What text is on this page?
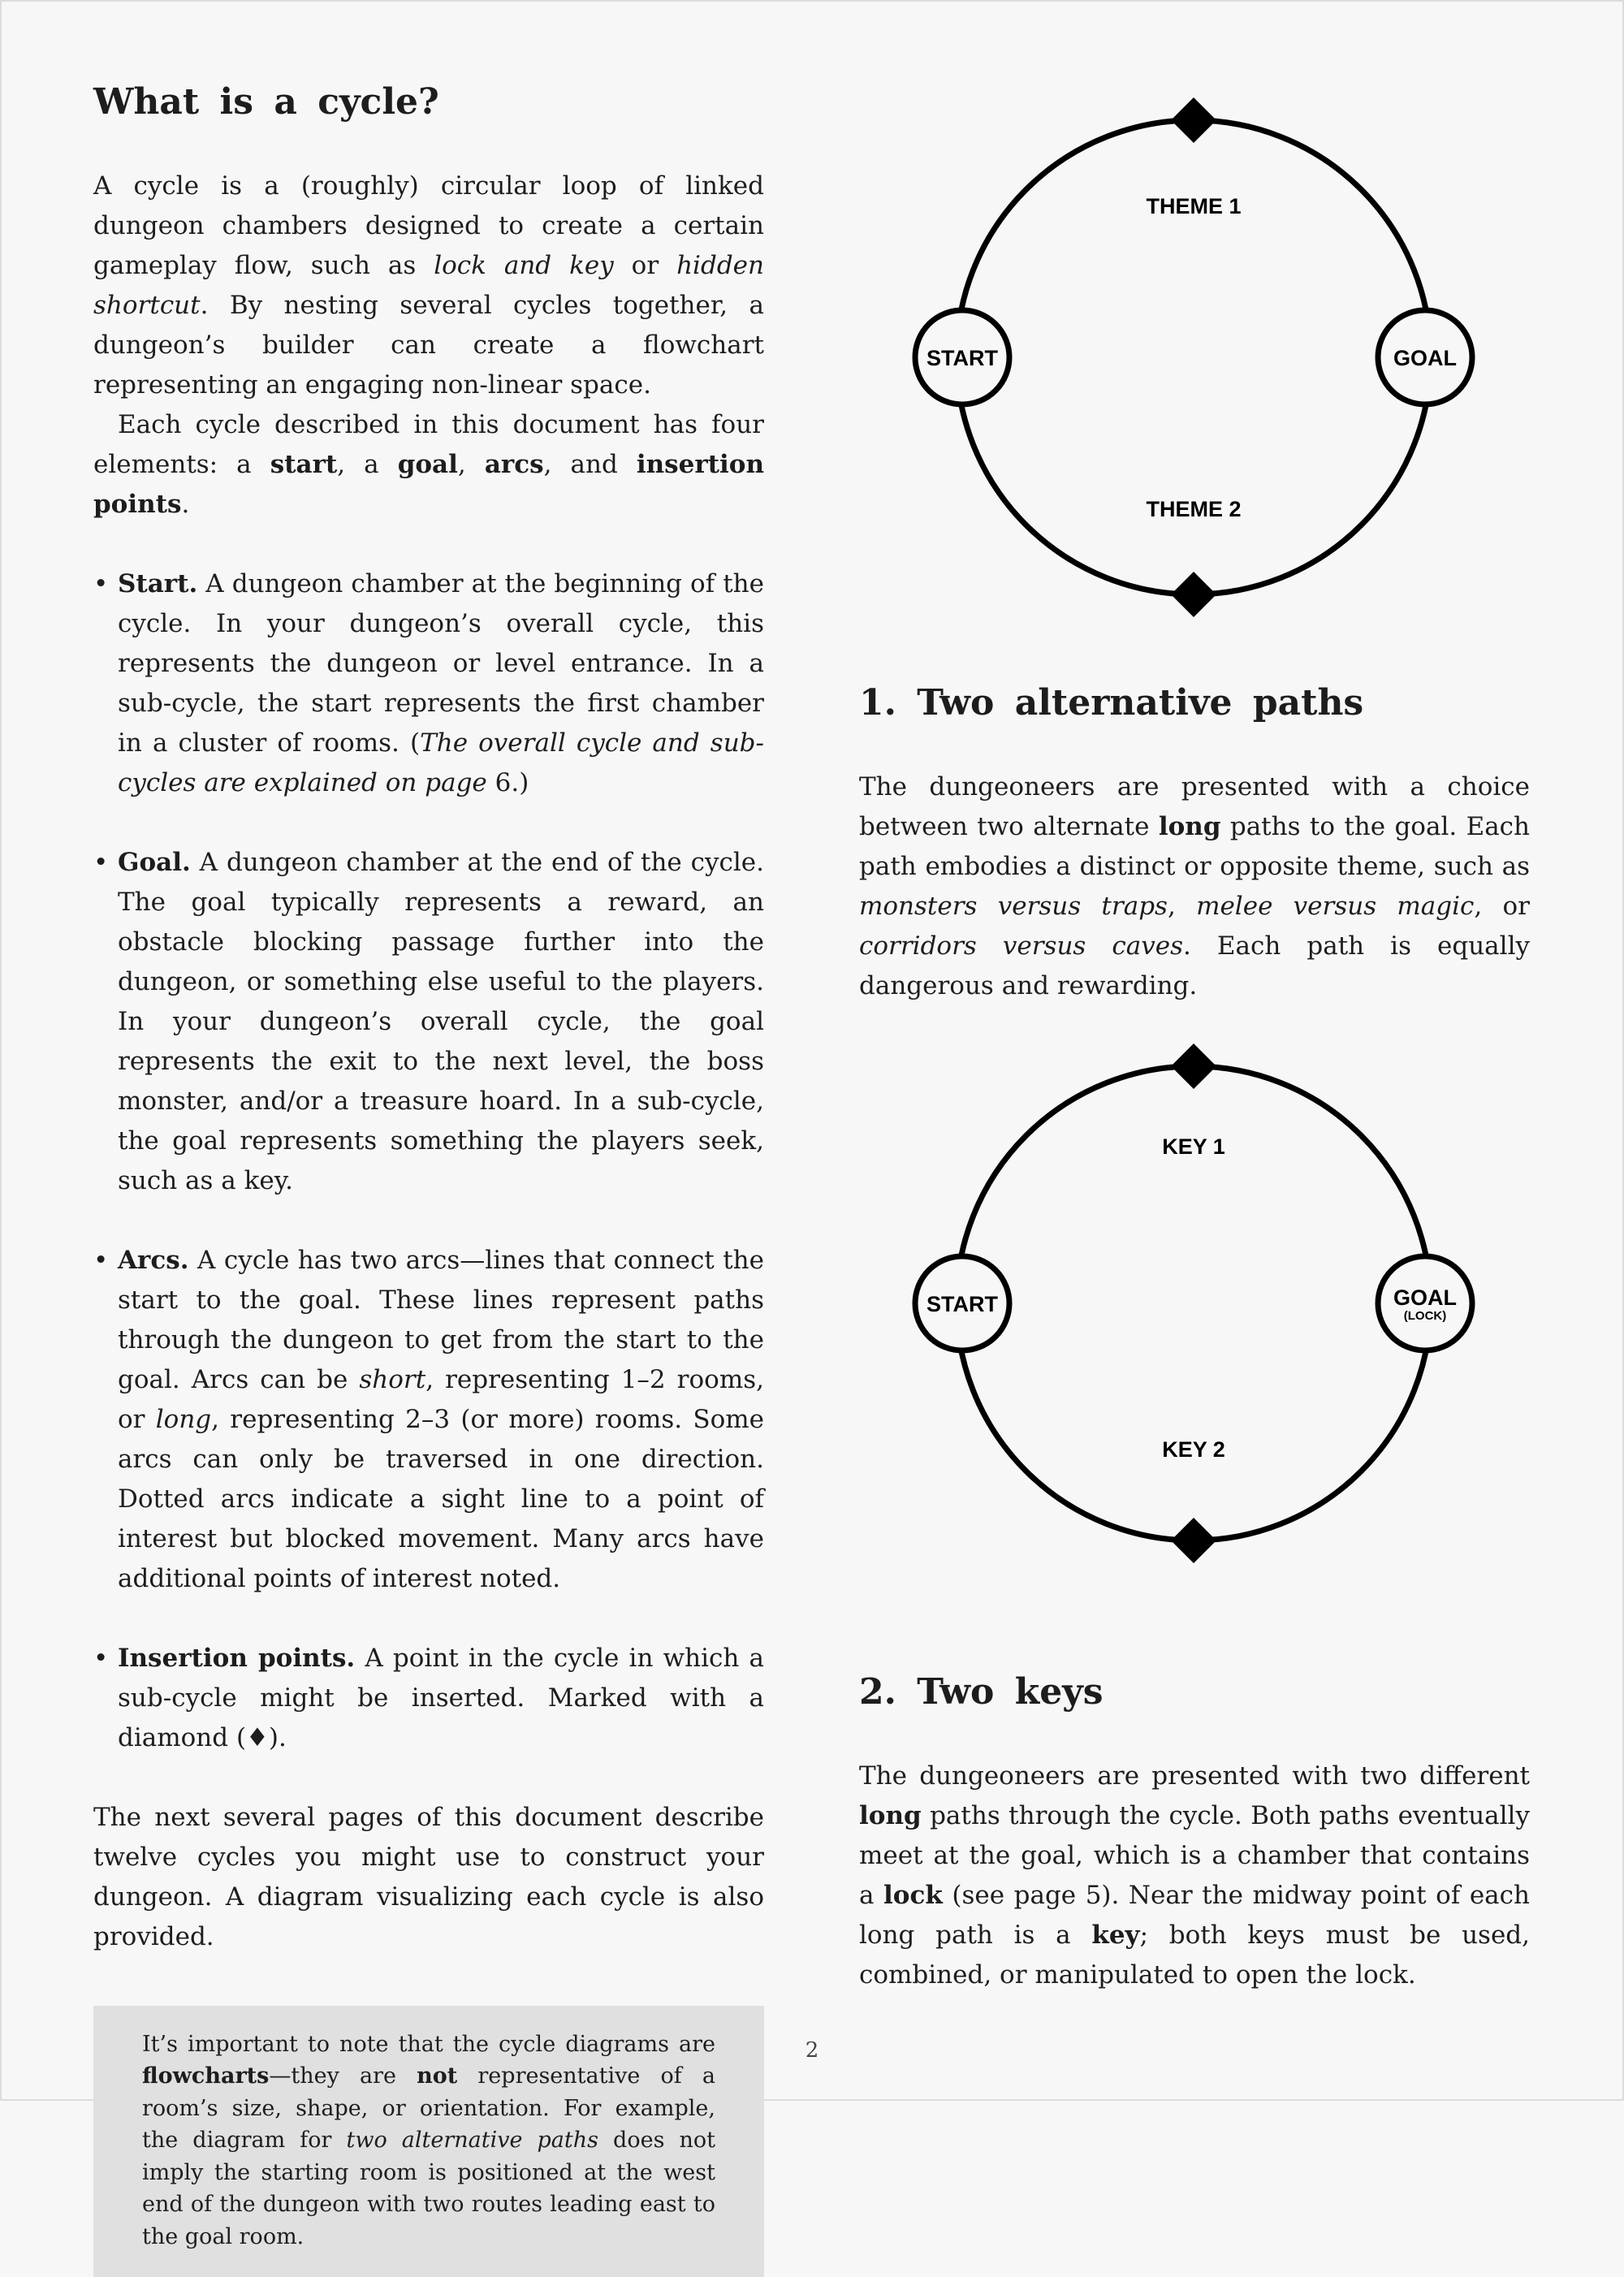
What is a cycle?

A cycle is a (roughly) circular loop of linked dungeon chambers designed to create a certain gameplay flow, such as lock and key or hidden shortcut. By nesting several cycles together, a dungeon’s builder can create a flowchart representing an engaging non-linear space.

Each cycle described in this document has four elements: a start, a goal, arcs, and insertion points.

• Start. A dungeon chamber at the beginning of the cycle. In your dungeon’s overall cycle, this represents the dungeon or level entrance. In a sub-cycle, the start represents the first chamber in a cluster of rooms. (The overall cycle and sub-cycles are explained on page 6.)
• Goal. A dungeon chamber at the end of the cycle. The goal typically represents a reward, an obstacle blocking passage further into the dungeon, or something else useful to the players. In your dungeon’s overall cycle, the goal represents the exit to the next level, the boss monster, and/or a treasure hoard. In a sub-cycle, the goal represents something the players seek, such as a key.
• Arcs. A cycle has two arcs—lines that connect the start to the goal. These lines represent paths through the dungeon to get from the start to the goal. Arcs can be short, representing 1–2 rooms, or long, representing 2–3 (or more) rooms. Some arcs can only be traversed in one direction. Dotted arcs indicate a sight line to a point of interest but blocked movement. Many arcs have additional points of interest noted.
• Insertion points. A point in the cycle in which a sub-cycle might be inserted. Marked with a diamond (♦).

The next several pages of this document describe twelve cycles you might use to construct your dungeon. A diagram visualizing each cycle is also provided.

It’s important to note that the cycle diagrams are flowcharts—they are not representative of a room’s size, shape, or orientation. For example, the diagram for two alternative paths does not imply the starting room is positioned at the west end of the dungeon with two routes leading east to the goal room.

START	GOAL
THEME 1
THEME 2
1. Two alternative paths

The dungeoneers are presented with a choice between two alternate long paths to the goal. Each path embodies a distinct or opposite theme, such as monsters versus traps, melee versus magic, or corridors versus caves. Each path is equally dangerous and rewarding.

START	GOAL
(LOCK)
KEY 1
KEY 2
2. Two keys

The dungeoneers are presented with two different long paths through the cycle. Both paths eventually meet at the goal, which is a chamber that contains a lock (see page 5). Near the midway point of each long path is a key; both keys must be used, combined, or manipulated to open the lock.

2
